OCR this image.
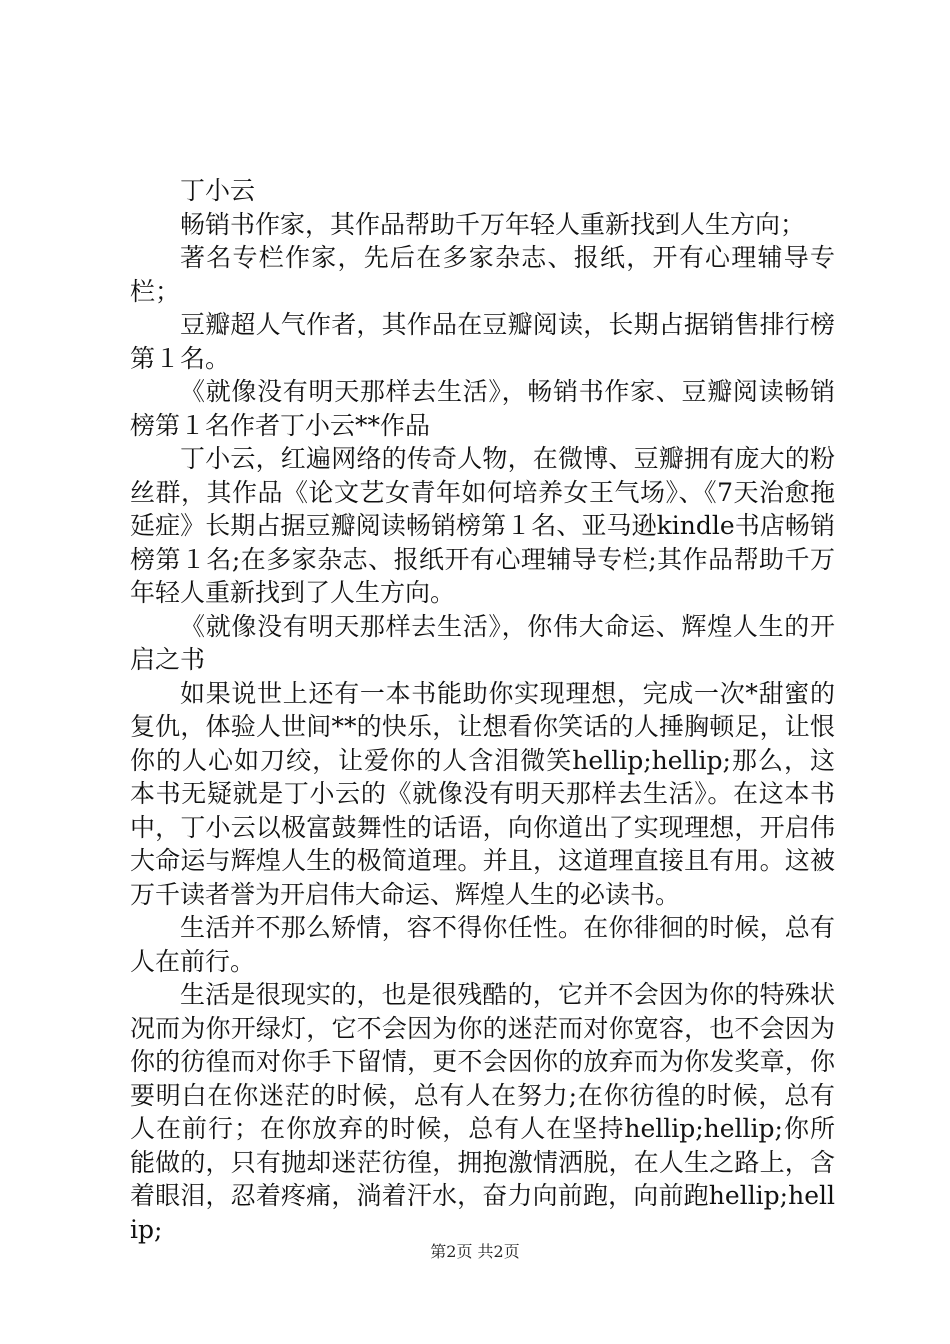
丁小云

畅销书作家，其作品帮助千万年轻人重新找到人生方向；

著名专栏作家，先后在多家杂志、报纸，开有心理辅导专栏；

豆瓣超人气作者，其作品在豆瓣阅读，长期占据销售排行榜第１名。

《就像没有明天那样去生活》，畅销书作家、豆瓣阅读畅销榜第１名作者丁小云**作品

丁小云，红遍网络的传奇人物，在微博、豆瓣拥有庞大的粉丝群，其作品《论文艺女青年如何培养女王气场》、《7天治愈拖延症》长期占据豆瓣阅读畅销榜第１名、亚马逊kindle书店畅销榜第１名;在多家杂志、报纸开有心理辅导专栏;其作品帮助千万年轻人重新找到了人生方向。

《就像没有明天那样去生活》，你伟大命运、辉煌人生的开启之书

如果说世上还有一本书能助你实现理想，完成一次*甜蜜的复仇，体验人世间**的快乐，让想看你笑话的人捶胸顿足，让恨你的人心如刀绞，让爱你的人含泪微笑hellip;hellip;那么，这本书无疑就是丁小云的《就像没有明天那样去生活》。在这本书中，丁小云以极富鼓舞性的话语，向你道出了实现理想，开启伟大命运与辉煌人生的极简道理。并且，这道理直接且有用。这被万千读者誉为开启伟大命运、辉煌人生的必读书。

生活并不那么矫情，容不得你任性。在你徘徊的时候，总有人在前行。

生活是很现实的，也是很残酷的，它并不会因为你的特殊状况而为你开绿灯，它不会因为你的迷茫而对你宽容，也不会因为你的彷徨而对你手下留情，更不会因你的放弃而为你发奖章，你要明白在你迷茫的时候，总有人在努力;在你彷徨的时候，总有人在前行；在你放弃的时候，总有人在坚持hellip;hellip;你所能做的，只有抛却迷茫彷徨，拥抱激情洒脱，在人生之路上，含着眼泪，忍着疼痛，淌着汗水，奋力向前跑，向前跑hellip;hellip;

第2页 共2页
